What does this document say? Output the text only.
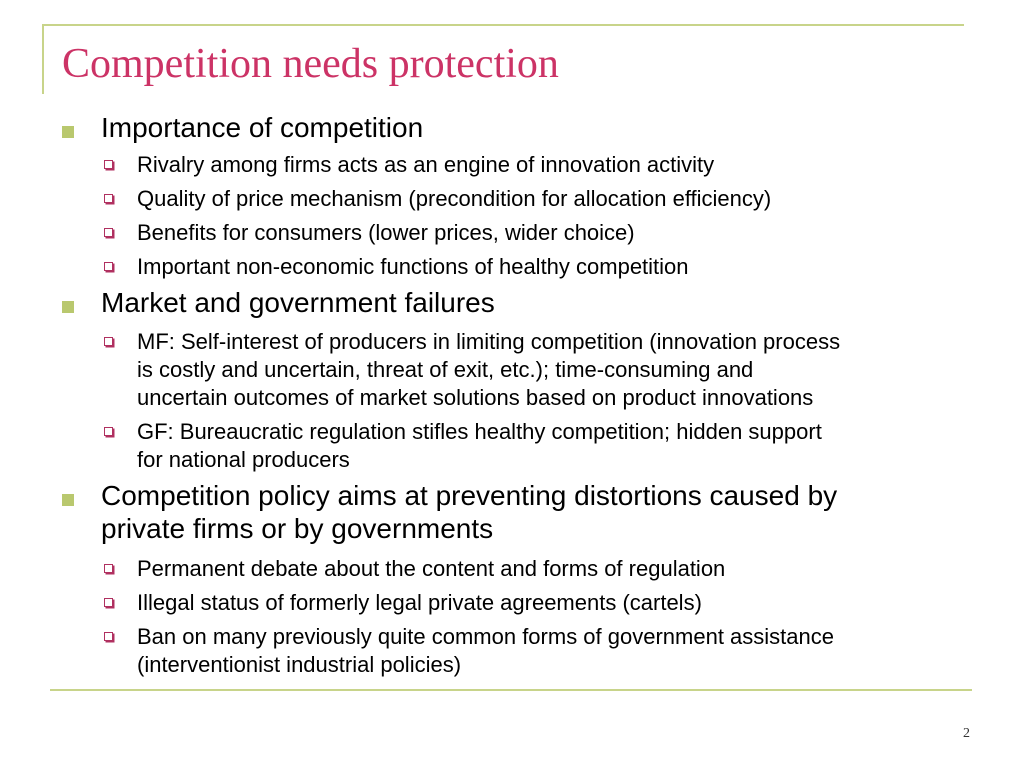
Competition needs protection
Importance of competition
Rivalry among firms acts as an engine of innovation activity
Quality of price mechanism (precondition for allocation efficiency)
Benefits for consumers (lower prices, wider choice)
Important non-economic functions of healthy competition
Market and government failures
MF: Self-interest of producers in limiting competition (innovation process
is costly and uncertain, threat of exit, etc.); time-consuming and
uncertain outcomes of market solutions based on product innovations
GF: Bureaucratic regulation stifles healthy competition; hidden support
for national producers
Competition policy aims at preventing distortions caused by
private firms or by governments
Permanent debate about the content and forms of regulation
Illegal status of formerly legal private agreements (cartels)
Ban on many previously quite common forms of government assistance
(interventionist industrial policies)
2
